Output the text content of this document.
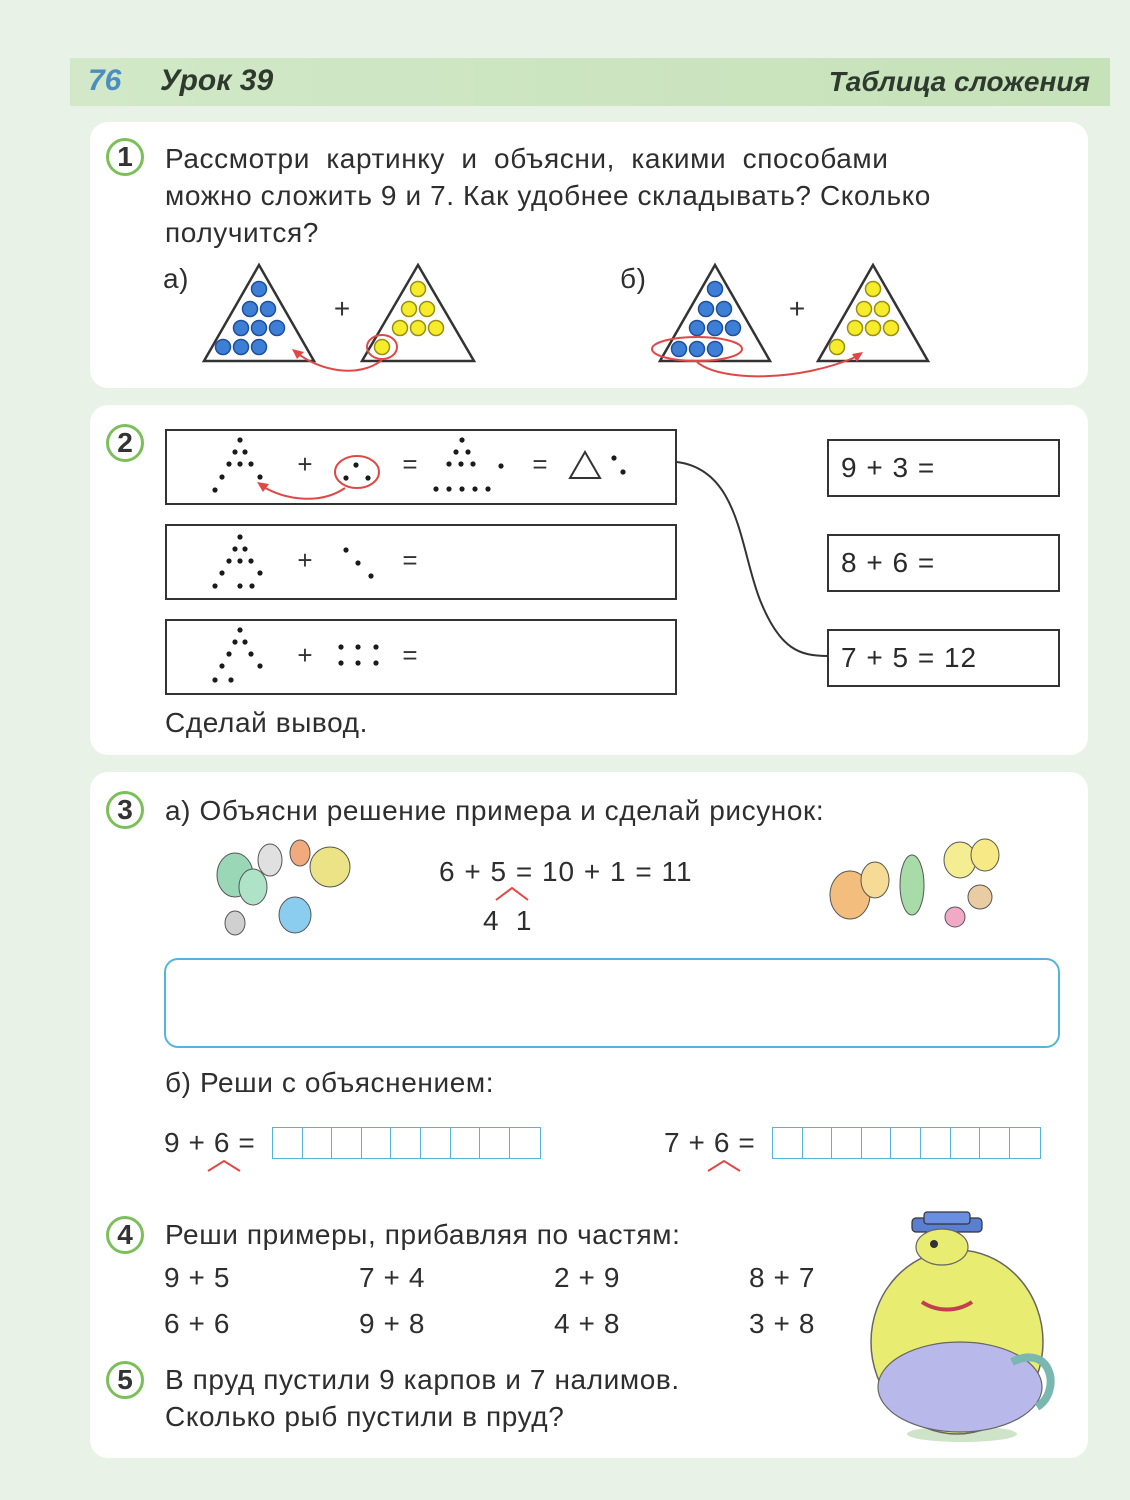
76 Урок 39	Таблица сложения
1	Рассмотри картинку и объясни, какими способами
можно сложить 9 и 7. Как удобнее складывать? Сколько
получится?
а)	б)
+	+
2
+	=	=
+	=
+	=
9 + 3 =
8 + 6 =
7 + 5 = 12
Сделай вывод.
3	а) Объясни решение примера и сделай рисунок:
6 + 5 = 10 + 1 = 11
4  1
б) Реши с объяснением:
9 + 6 =	7 + 6 =
4	Реши примеры, прибавляя по частям:
9 + 5	7 + 4	2 + 9	8 + 7
6 + 6	9 + 8	4 + 8	3 + 8
5	В пруд пустили 9 карпов и 7 налимов.
Сколько рыб пустили в пруд?
